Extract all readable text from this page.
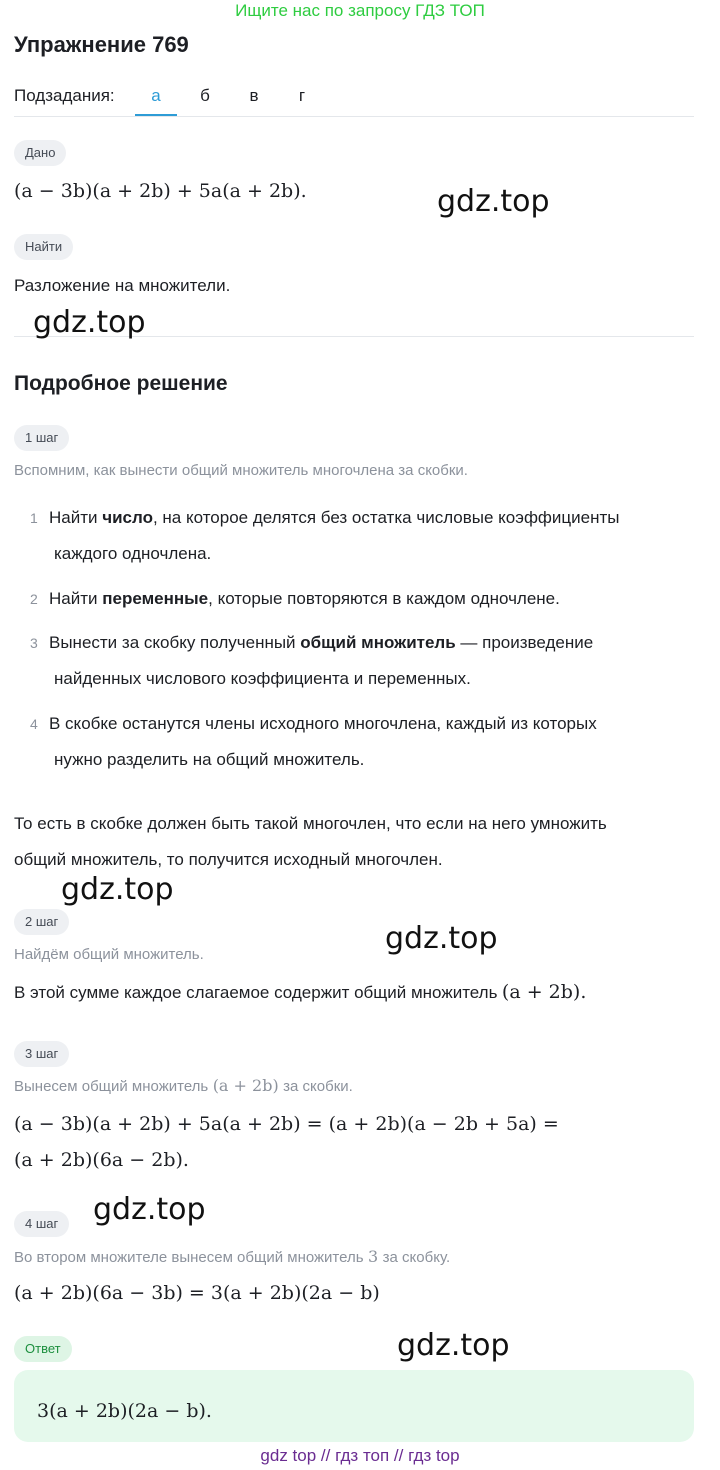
Ищите нас по запросу ГДЗ ТОП
Упражнение 769
Подзадания:	а	б	в	г
Дано
(a − 3b)(a + 2b) + 5a(a + 2b).
Найти
Разложение на множители.
Подробное решение
1 шаг
Вспомним, как вынести общий множитель многочлена за скобки.
1 Найти число, на которое делятся без остатка числовые коэффициенты
каждого одночлена.
2 Найти переменные, которые повторяются в каждом одночлене.
3 Вынести за скобку полученный общий множитель — произведение
найденных числового коэффициента и переменных.
4 В скобке останутся члены исходного многочлена, каждый из которых
нужно разделить на общий множитель.
То есть в скобке должен быть такой многочлен, что если на него умножить
общий множитель, то получится исходный многочлен.
2 шаг
Найдём общий множитель.
В этой сумме каждое слагаемое содержит общий множитель (a + 2b).
3 шаг
Вынесем общий множитель (a + 2b) за скобки.
(a − 3b)(a + 2b) + 5a(a + 2b) = (a + 2b)(a − 2b + 5a) =
(a + 2b)(6a − 2b).
4 шаг
Во втором множителе вынесем общий множитель 3 за скобку.
(a + 2b)(6a − 3b) = 3(a + 2b)(2a − b)
Ответ
3(a + 2b)(2a − b).
gdz.top
gdz.top
gdz.top
gdz.top
gdz.top
gdz.top
gdz top // гдз топ // гдз top
